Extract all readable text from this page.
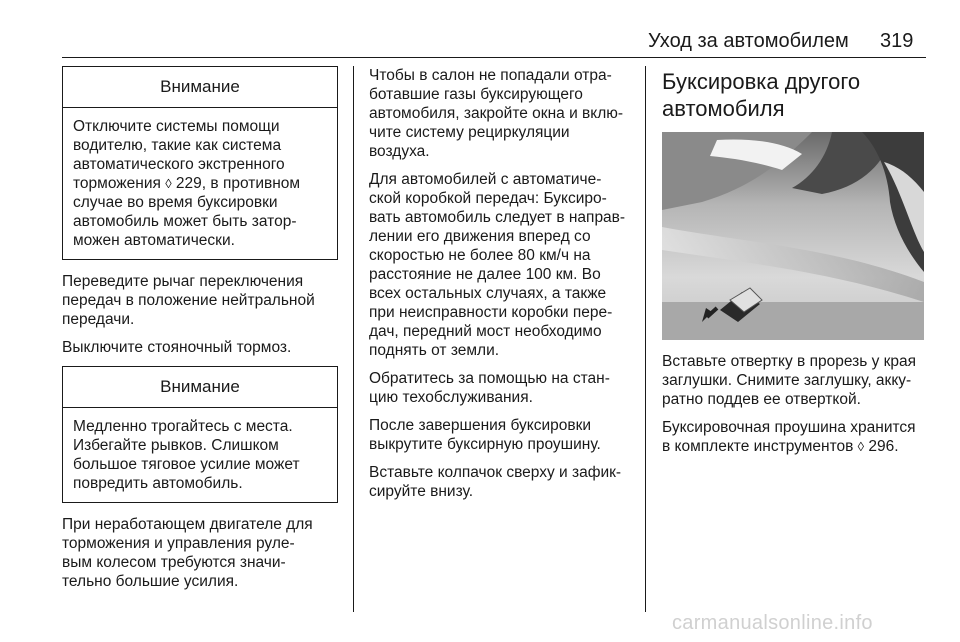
Уход за автомобилем 319
Внимание
Отключите системы помощи
водителю, такие как система
автоматического экстренного
торможения ◊ 229, в противном
случае во время буксировки
автомобиль может быть затор-
можен автоматически.

Переведите рычаг переключения
передач в положение нейтральной
передачи.

Выключите стояночный тормоз.

Внимание
Медленно трогайтесь с места.
Избегайте рывков. Слишком
большое тяговое усилие может
повредить автомобиль.

При неработающем двигателе для
торможения и управления руле-
вым колесом требуются значи-
тельно большие усилия.

Чтобы в салон не попадали отра-
ботавшие газы буксирующего
автомобиля, закройте окна и вклю-
чите систему рециркуляции
воздуха.

Для автомобилей с автоматиче-
ской коробкой передач: Буксиро-
вать автомобиль следует в направ-
лении его движения вперед со
скоростью не более 80 км/ч на
расстояние не далее 100 км. Во
всех остальных случаях, а также
при неисправности коробки пере-
дач, передний мост необходимо
поднять от земли.

Обратитесь за помощью на стан-
цию техобслуживания.

После завершения буксировки
выкрутите буксирную проушину.

Вставьте колпачок сверху и зафик-
сируйте внизу.

Буксировка другого
автомобиля

Вставьте отвертку в прорезь у края
заглушки. Снимите заглушку, акку-
ратно поддев ее отверткой.

Буксировочная проушина хранится
в комплекте инструментов ◊ 296.

carmanualsonline.info
